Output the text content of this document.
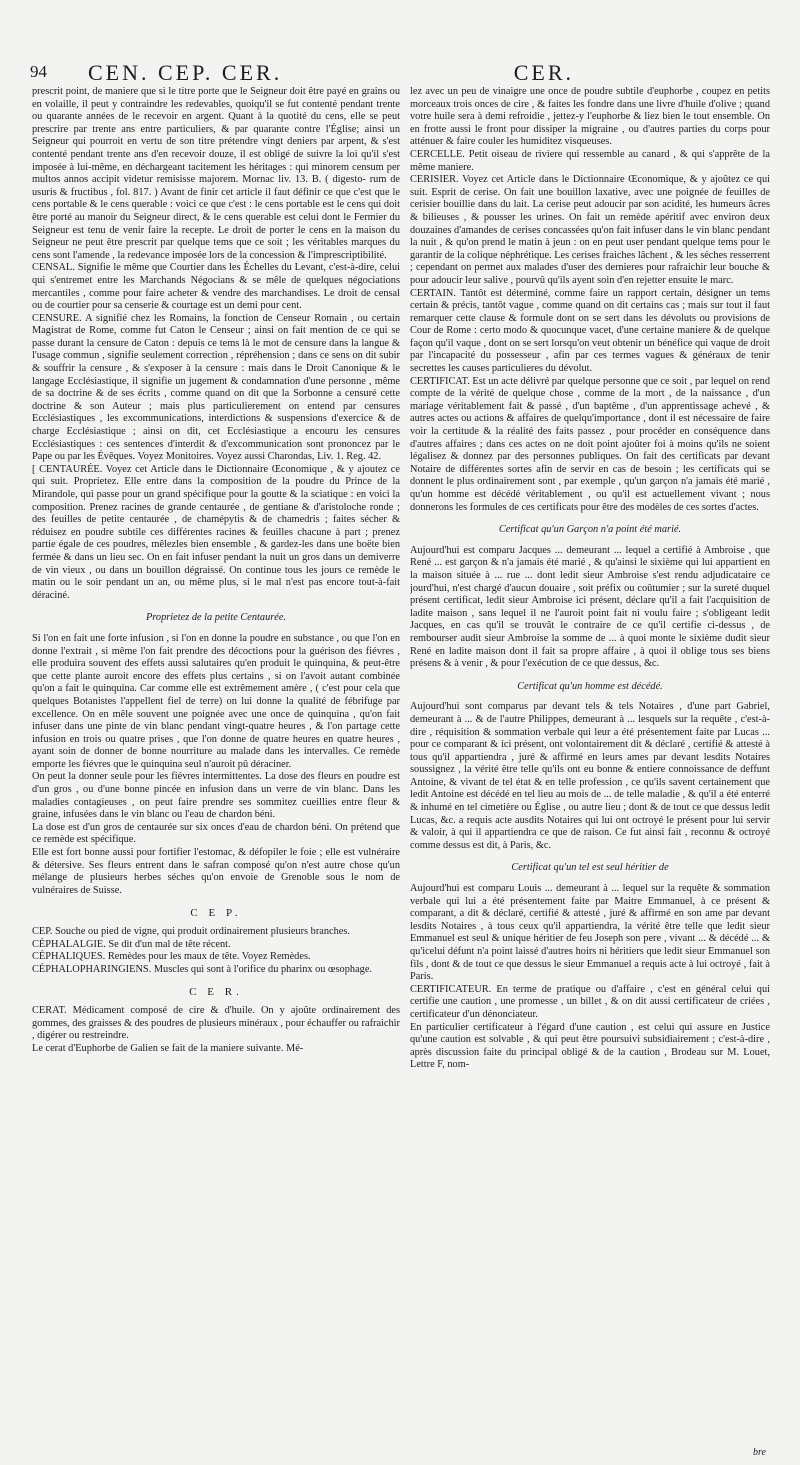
94 CEN. CEP. CER.	CER.

prescrit point, de maniere que si le titre porte que le Seigneur doit être payé en grains ou en volaille, il peut y contraindre les redevables, quoiqu'il se fut contenté pendant trente ou quarante années de le recevoir en argent. Quant à la quotité du cens, elle se peut prescrire par trente ans entre particuliers, & par quarante contre l'Église; ainsi un Seigneur qui pourroit en vertu de son titre prétendre vingt deniers par arpent, & s'est contenté pendant trente ans d'en recevoir douze, il est obligé de suivre la loi qu'il s'est imposée à lui-même, en déchargeant tacitement les héritages : qui minorem censum per multos annos accipit videtur remisisse majorem. Mornac liv. 13. B. ( digesto- rum de usuris & fructibus , fol. 817. ) Avant de finir cet article il faut définir ce que c'est que le cens portable & le cens querable : voici ce que c'est : le cens portable est le cens qui doit être porté au manoir du Seigneur direct, & le cens querable est celui dont le Fermier du Seigneur est tenu de venir faire la recepte. Le droit de porter le cens en la maison du Seigneur ne peut être prescrit par quelque tems que ce soit ; les véritables marques du cens sont l'amende , la redevance imposée lors de la concession & l'imprescriptibilité.

CENSAL. Signifie le même que Courtier dans les Échelles du Levant, c'est-à-dire, celui qui s'entremet entre les Marchands Négocians & se mêle de quelques négociations mercantiles , comme pour faire acheter & vendre des marchandises. Le droit de censal ou de courtier pour sa censerie & courtage est un demi pour cent.

CENSURE. A signifié chez les Romains, la fonction de Censeur Romain , ou certain Magistrat de Rome, comme fut Caton le Censeur ; ainsi on fait mention de ce qui se passe durant la censure de Caton : depuis ce tems là le mot de censure dans la langue & l'usage commun , signifie seulement correction , répréhension ; dans ce sens on dit subir & souffrir la censure , & s'exposer à la censure : mais dans le Droit Canonique & le langage Ecclésiastique, il signifie un jugement & condamnation d'une personne , même de sa doctrine & de ses écrits , comme quand on dit que la Sorbonne a censuré cette doctrine & son Auteur ; mais plus particulierement on entend par censures Ecclésiastiques , les excommunications, interdictions & suspensions d'exercice & de charge Ecclésiastique ; ainsi on dit, cet Ecclésiastique a encouru les censures Ecclésiastiques : ces sentences d'interdit & d'excommunication sont prononcez par le Pape ou par les Évêques. Voyez Monitoires. Voyez aussi Charondas, Liv. 1. Reg. 42.

[ CENTAURÉE. Voyez cet Article dans le Dictionnaire Œconomique , & y ajoutez ce qui suit. Proprietez. Elle entre dans la composition de la poudre du Prince de la Mirandole, qui passe pour un grand spécifique pour la goutte & la sciatique : en voici la composition. Prenez racines de grande centaurée , de gentiane & d'aristoloche ronde ; des feuilles de petite centaurée , de chamépytis & de chamedris ; faites sécher & réduisez en poudre subtile ces différentes racines & feuilles chacune à part ; prenez partie égale de ces poudres, mêlezles bien ensemble , & gardez-les dans une boëte bien fermée & dans un lieu sec. On en fait infuser pendant la nuit un gros dans un demiverre de vin vieux , ou dans un bouillon dégraissé. On continue tous les jours ce remède le matin ou le soir pendant un an, ou même plus, si le mal n'est pas encore tout-à-fait déraciné.

Proprietez de la petite Centaurée.

Si l'on en fait une forte infusion , si l'on en donne la poudre en substance , ou que l'on en donne l'extrait , si même l'on fait prendre des décoctions pour la guérison des fiévres , elle produira souvent des effets aussi salutaires qu'en produit le quinquina, & peut-être que cette plante auroit encore des effets plus certains , si on l'avoit autant combinée qu'on a fait le quinquina. Car comme elle est extrêmement amère , ( c'est pour cela que quelques Botanistes l'appellent fiel de terre) on lui donne la qualité de fébrifuge par excellence. On en mêle souvent une poignée avec une once de quinquina , qu'on fait infuser dans une pinte de vin blanc pendant vingt-quatre heures , & l'on partage cette infusion en trois ou quatre prises , que l'on donne de quatre heures en quatre heures , ayant soin de donner de bonne nourriture au malade dans les intervalles. Ce remède emporte les fiévres que le quinquina seul n'auroit pû déraciner.

On peut la donner seule pour les fiévres intermittentes. La dose des fleurs en poudre est d'un gros , ou d'une bonne pincée en infusion dans un verre de vin blanc. Dans les maladies contagieuses , on peut faire prendre ses sommitez cueillies entre fleur & graine, infusées dans le vin blanc ou l'eau de chardon béni.

La dose est d'un gros de centaurée sur six onces d'eau de chardon béni. On prétend que ce remède est spécifique.

Elle est fort bonne aussi pour fortifier l'estomac, & défopiler le foie ; elle est vulnéraire & détersive. Ses fleurs entrent dans le safran composé qu'on n'est autre chose qu'un mélange de plusieurs herbes séches qu'on envoie de Grenoble sous le nom de vulnéraires de Suisse.

C E P.

CEP. Souche ou pied de vigne, qui produit ordinairement plusieurs branches.

CÉPHALALGIE. Se dit d'un mal de tête récent.

CÉPHALIQUES. Remèdes pour les maux de tête. Voyez Remèdes.

CÉPHALOPHARINGIENS. Muscles qui sont à l'orifice du pharinx ou œsophage.

C E R.

CERAT. Médicament composé de cire & d'huile. On y ajoûte ordinairement des gommes, des graisses & des poudres de plusieurs minéraux , pour échauffer ou rafraichir , digérer ou restreindre.

Le cerat d'Euphorbe de Galien se fait de la maniere suivante. Mé-

lez avec un peu de vinaigre une once de poudre subtile d'euphorbe , coupez en petits morceaux trois onces de cire , & faites les fondre dans une livre d'huile d'olive ; quand votre huile sera à demi refroidie , jettez-y l'euphorbe & liez bien le tout ensemble. On en frotte aussi le front pour dissiper la migraine , ou d'autres parties du corps pour atténuer & faire couler les humiditez visqueuses.

CERCELLE. Petit oiseau de riviere qui ressemble au canard , & qui s'apprête de la même maniere.

CERISIER. Voyez cet Article dans le Dictionnaire Œconomique, & y ajoûtez ce qui suit. Esprit de cerise. On fait une bouillon laxative, avec une poignée de feuilles de cerisier bouillie dans du lait. La cerise peut adoucir par son acidité, les humeurs âcres & bilieuses , & pousser les urines. On fait un remède apéritif avec environ deux douzaines d'amandes de cerises concassées qu'on fait infuser dans le vin blanc pendant la nuit , & qu'on prend le matin à jeun : on en peut user pendant quelque tems pour le garantir de la colique néphrétique. Les cerises fraiches lâchent , & les séches resserrent ; cependant on permet aux malades d'user des dernieres pour rafraichir leur bouche & pour adoucir leur salive , pourvû qu'ils ayent soin d'en rejetter ensuite le marc.

CERTAIN. Tantôt est déterminé, comme faire un rapport certain, désigner un tems certain & précis, tantôt vague , comme quand on dit certains cas ; mais sur tout il faut remarquer cette clause & formule dont on se sert dans les dévoluts ou provisions de Cour de Rome : certo modo & quocunque vacet, d'une certaine maniere & de quelque façon qu'il vaque , dont on se sert lorsqu'on veut obtenir un bénéfice qui vaque de droit par l'incapacité du possesseur , afin par ces termes vagues & généraux de tenir secrettes les causes particulieres du dévolut.

CERTIFICAT. Est un acte délivré par quelque personne que ce soit , par lequel on rend compte de la vérité de quelque chose , comme de la mort , de la naissance , d'un mariage véritablement fait & passé , d'un baptême , d'un apprentissage achevé , & autres actes ou actions & affaires de quelqu'importance , dont il est nécessaire de faire voir la certitude & la réalité des faits passez , pour procéder en conséquence dans d'autres affaires ; dans ces actes on ne doit point ajoûter foi à moins qu'ils ne soient légalisez & donnez par des personnes publiques. On fait des certificats par devant Notaire de différentes sortes afin de servir en cas de besoin ; les certificats qui se donnent le plus ordinairement sont , par exemple , qu'un garçon n'a jamais été marié , qu'un homme est décédé véritablement , ou qu'il est actuellement vivant ; nous donnerons les formules de ces certificats pour être des modèles de ces sortes d'actes.

Certificat qu'un Garçon n'a point été marié.

Aujourd'hui est comparu Jacques ... demeurant ... lequel a certifié à Ambroise , que René ... est garçon & n'a jamais été marié , & qu'ainsi le sixième qui lui appartient en la maison située à ... rue ... dont ledit sieur Ambroise s'est rendu adjudicataire ce jourd'hui, n'est chargé d'aucun douaire , soit préfix ou coûtumier ; sur la sureté duquel présent certificat, ledit sieur Ambroise ici présent, déclare qu'il a fait l'acquisition de ladite maison , sans lequel il ne l'auroit point fait ni voulu faire ; s'obligeant ledit Jacques, en cas qu'il se trouvât le contraire de ce qu'il certifie ci-dessus , de rembourser audit sieur Ambroise la somme de ... à quoi monte le sixième dudit sieur René en ladite maison dont il fait sa propre affaire , à quoi il oblige tous ses biens présens & à venir , & pour l'exécution de ce que dessus, &c.

Certificat qu'un homme est décédé.

Aujourd'hui sont comparus par devant tels & tels Notaires , d'une part Gabriel, demeurant à ... & de l'autre Philippes, demeurant à ... lesquels sur la requête , c'est-à-dire , réquisition & sommation verbale qui leur a été présentement faite par Lucas ... pour ce comparant & ici présent, ont volontairement dit & déclaré , certifié & attesté à tous qu'il appartiendra , juré & affirmé en leurs ames par devant lesdits Notaires soussignez , la vérité être telle qu'ils ont eu bonne & entiere connoissance de deffunt Antoine, & vivant de tel état & en telle profession , ce qu'ils savent certainement que ledit Antoine est décédé en tel lieu au mois de ... de telle maladie , & qu'il a été enterré & inhumé en tel cimetière ou Église , ou autre lieu ; dont & de tout ce que dessus ledit Lucas, &c. a requis acte ausdits Notaires qui lui ont octroyé le présent pour lui servir & valoir, à qui il appartiendra ce que de raison. Ce fut ainsi fait , reconnu & octroyé comme dessus est dit, à Paris, &c.

Certificat qu'un tel est seul héritier de

Aujourd'hui est comparu Louis ... demeurant à ... lequel sur la requête & sommation verbale qui lui a été présentement faite par Maitre Emmanuel, à ce présent & comparant, a dit & déclaré, certifié & attesté , juré & affirmé en son ame par devant lesdits Notaires , à tous ceux qu'il appartiendra, la vérité être telle que ledit sieur Emmanuel est seul & unique héritier de feu Joseph son pere , vivant ... & décédé ... & qu'icelui défunt n'a point laissé d'autres hoirs ni héritiers que ledit sieur Emmanuel son fils , dont & de tout ce que dessus le sieur Emmanuel a requis acte à lui octroyé , fait à Paris.

CERTIFICATEUR. En terme de pratique ou d'affaire , c'est en général celui qui certifie une caution , une promesse , un billet , & on dit aussi certificateur de criées , certificateur d'un dénonciateur.

En particulier certificateur à l'égard d'une caution , est celui qui assure en Justice qu'une caution est solvable , & qui peut être poursuivi subsidiairement ; c'est-à-dire , après discussion faite du principal obligé & de la caution , Brodeau sur M. Louet, Lettre F, nom-

bre
